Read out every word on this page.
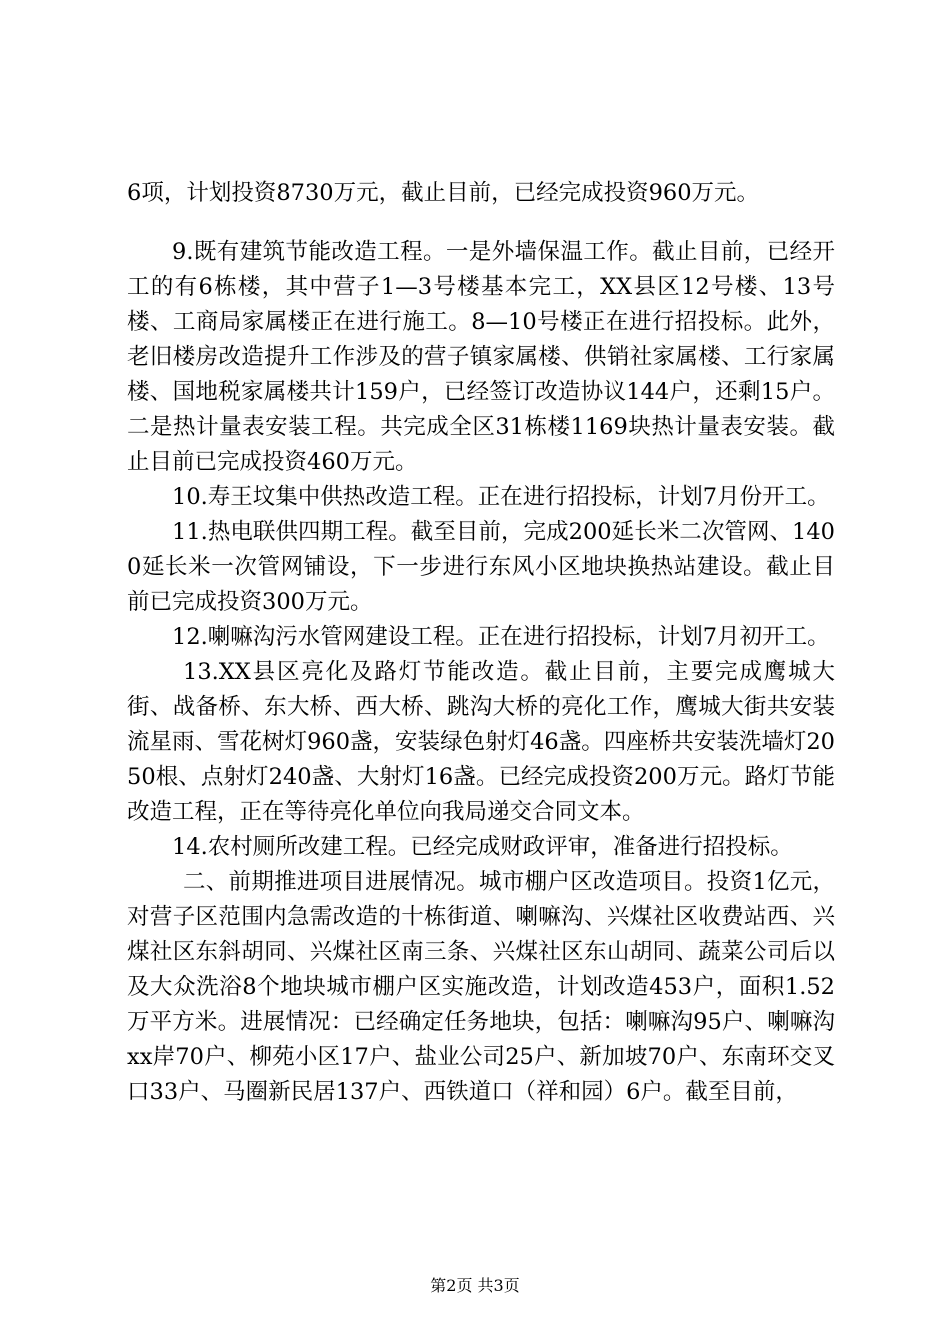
6项，计划投资8730万元，截止目前，已经完成投资960万元。

9.既有建筑节能改造工程。一是外墙保温工作。截止目前，已经开工的有6栋楼，其中营子1—3号楼基本完工，XX县区12号楼、13号楼、工商局家属楼正在进行施工。8—10号楼正在进行招投标。此外，老旧楼房改造提升工作涉及的营子镇家属楼、供销社家属楼、工行家属楼、国地税家属楼共计159户，已经签订改造协议144户，还剩15户。二是热计量表安装工程。共完成全区31栋楼1169块热计量表安装。截止目前已完成投资460万元。

10.寿王坟集中供热改造工程。正在进行招投标，计划7月份开工。

11.热电联供四期工程。截至目前，完成200延长米二次管网、1400延长米一次管网铺设，下一步进行东风小区地块换热站建设。截止目前已完成投资300万元。

12.喇嘛沟污水管网建设工程。正在进行招投标，计划7月初开工。

13.XX县区亮化及路灯节能改造。截止目前，主要完成鹰城大街、战备桥、东大桥、西大桥、跳沟大桥的亮化工作，鹰城大街共安装流星雨、雪花树灯960盏，安装绿色射灯46盏。四座桥共安装洗墙灯2050根、点射灯240盏、大射灯16盏。已经完成投资200万元。路灯节能改造工程，正在等待亮化单位向我局递交合同文本。

14.农村厕所改建工程。已经完成财政评审，准备进行招投标。

二、前期推进项目进展情况。城市棚户区改造项目。投资1亿元，对营子区范围内急需改造的十栋街道、喇嘛沟、兴煤社区收费站西、兴煤社区东斜胡同、兴煤社区南三条、兴煤社区东山胡同、蔬菜公司后以及大众洗浴8个地块城市棚户区实施改造，计划改造453户，面积1.52万平方米。进展情况：已经确定任务地块，包括：喇嘛沟95户、喇嘛沟xx岸70户、柳苑小区17户、盐业公司25户、新加坡70户、东南环交叉口33户、马圈新民居137户、西铁道口（祥和园）6户。截至目前，

第2页 共3页
